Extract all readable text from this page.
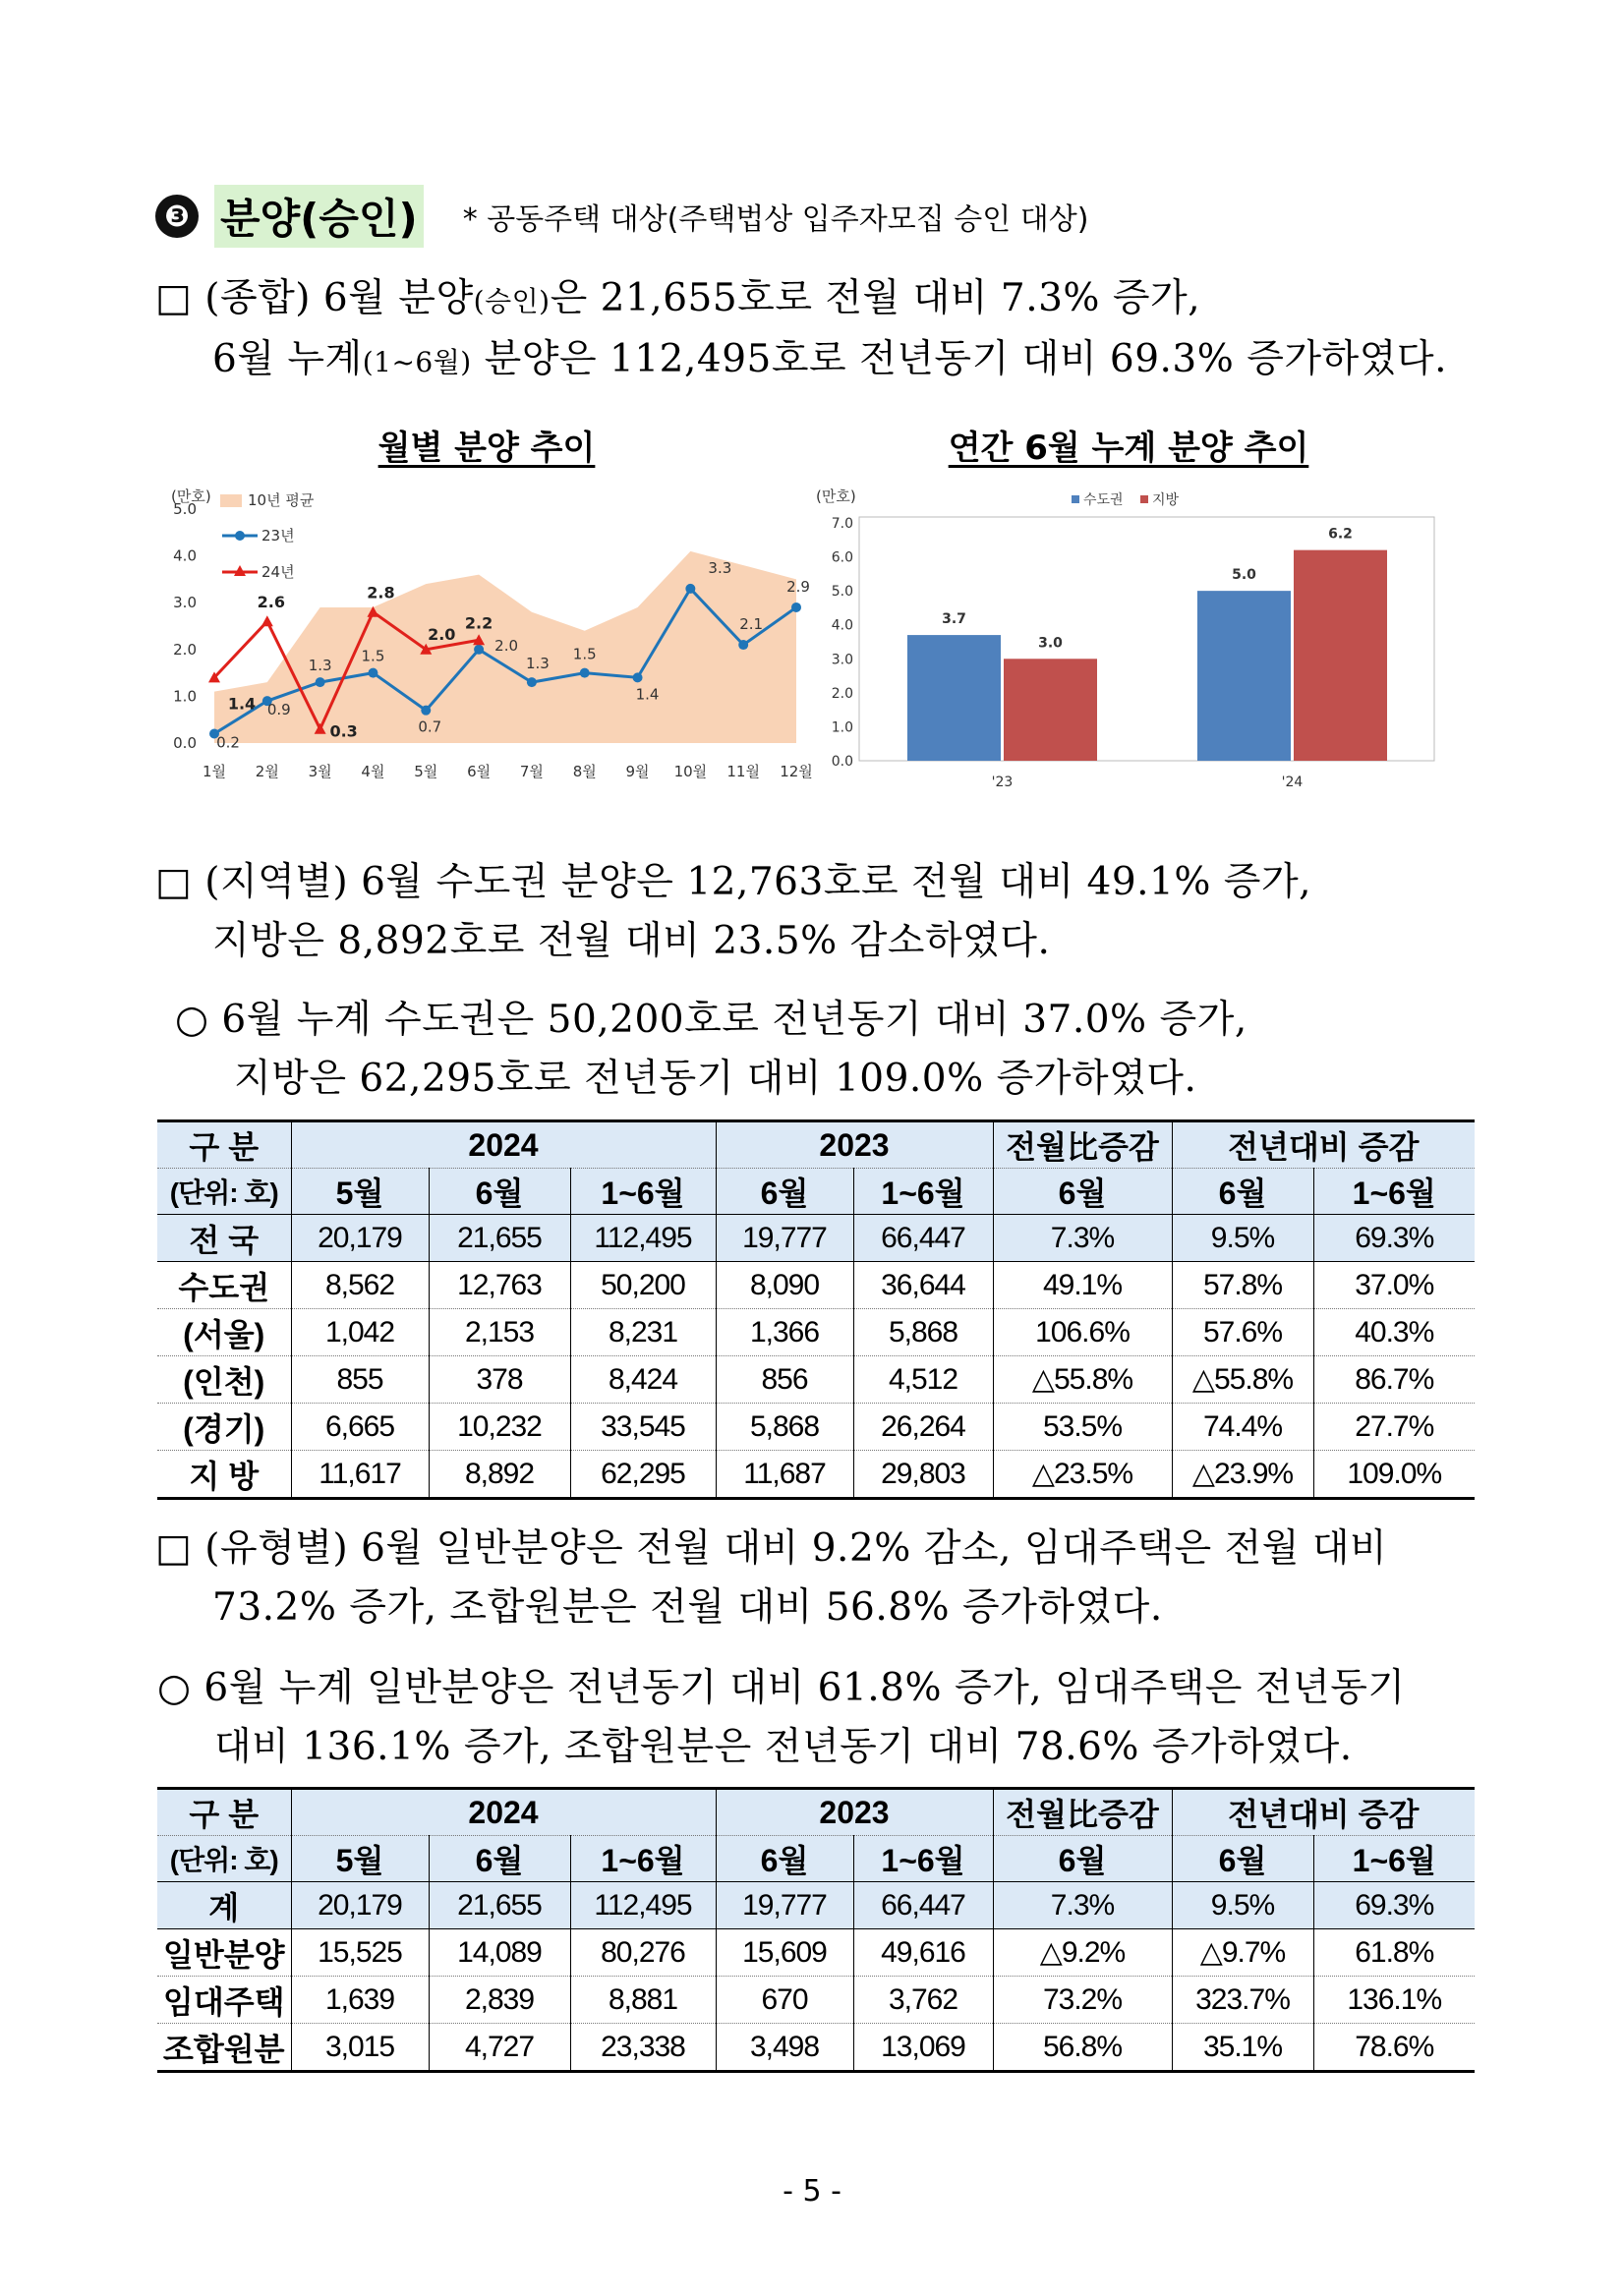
❸ 분양(승인) * 공동주택 대상(주택법상 입주자모집 승인 대상)
□ (종합) 6월 분양(승인)은 21,655호로 전월 대비 7.3% 증가,
6월 누계(1~6월) 분양은 112,495호로 전년동기 대비 69.3% 증가하였다.
월별 분양 추이	연간 6월 누계 분양 추이
(만호)
0.0
1.0
2.0
3.0
4.0
5.0
1월 2월 3월 4월 5월 6월 7월 8월 9월 10월 11월 12월
0.2
0.9
1.3
1.5
0.7
2.0
1.3
1.5
1.4
3.3
2.1
2.9
1.4
2.6
0.3
2.8
2.0
2.2
10년 평균
23년
24년
(만호)	수도권 지방
0.0
1.0
2.0
3.0
4.0
5.0
6.0
7.0
3.7
3.0
5.0
6.2
'23	'24
□ (지역별) 6월 수도권 분양은 12,763호로 전월 대비 49.1% 증가,
지방은 8,892호로 전월 대비 23.5% 감소하였다.
○ 6월 누계 수도권은 50,200호로 전년동기 대비 37.0% 증가,
지방은 62,295호로 전년동기 대비 109.0% 증가하였다.
구 분	2024			2023		전월比증감	전년대비 증감	
(단위: 호)	5월	6월	1~6월	6월	1~6월	6월	6월	1~6월
전 국	20,179	21,655	112,495	19,777	66,447	7.3%	9.5%	69.3%
수도권	8,562	12,763	50,200	8,090	36,644	49.1%	57.8%	37.0%
(서울)	1,042	2,153	8,231	1,366	5,868	106.6%	57.6%	40.3%
(인천)	855	378	8,424	856	4,512	△55.8%	△55.8%	86.7%
(경기)	6,665	10,232	33,545	5,868	26,264	53.5%	74.4%	27.7%
지 방	11,617	8,892	62,295	11,687	29,803	△23.5%	△23.9%	109.0%
□ (유형별) 6월 일반분양은 전월 대비 9.2% 감소, 임대주택은 전월 대비
73.2% 증가, 조합원분은 전월 대비 56.8% 증가하였다.
○ 6월 누계 일반분양은 전년동기 대비 61.8% 증가, 임대주택은 전년동기
대비 136.1% 증가, 조합원분은 전년동기 대비 78.6% 증가하였다.
구 분	2024			2023		전월比증감	전년대비 증감	
(단위: 호)	5월	6월	1~6월	6월	1~6월	6월	6월	1~6월
계	20,179	21,655	112,495	19,777	66,447	7.3%	9.5%	69.3%
일반분양	15,525	14,089	80,276	15,609	49,616	△9.2%	△9.7%	61.8%
임대주택	1,639	2,839	8,881	670	3,762	73.2%	323.7%	136.1%
조합원분	3,015	4,727	23,338	3,498	13,069	56.8%	35.1%	78.6%
- 5 -
